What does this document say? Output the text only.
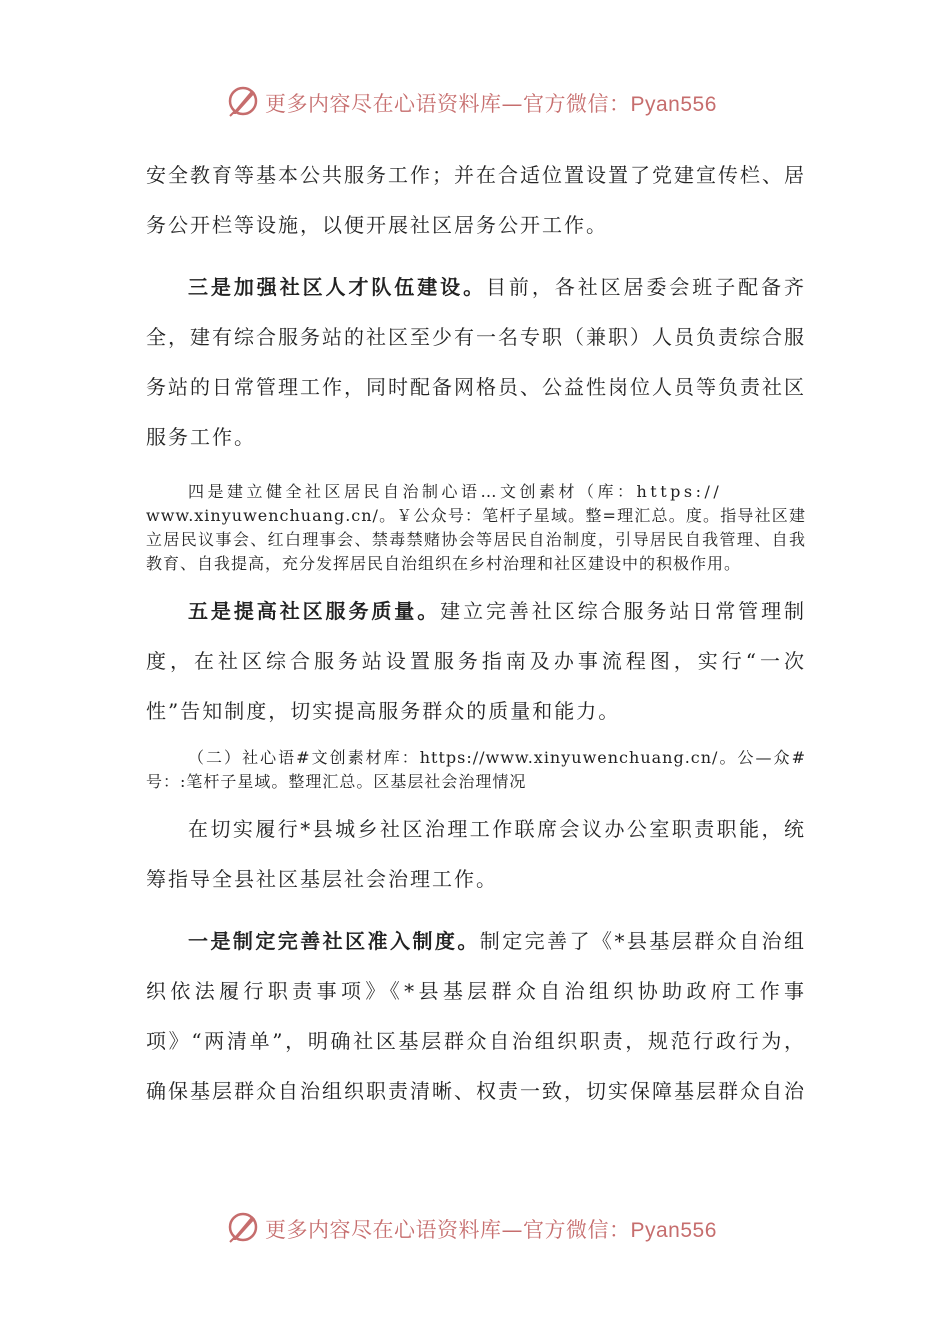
更多内容尽在心语资料库—官方微信：Pyan556

安全教育等基本公共服务工作；并在合适位置设置了党建宣传栏、居务公开栏等设施，以便开展社区居务公开工作。

三是加强社区人才队伍建设。目前，各社区居委会班子配备齐全，建有综合服务站的社区至少有一名专职（兼职）人员负责综合服务站的日常管理工作，同时配备网格员、公益性岗位人员等负责社区服务工作。

四是建立健全社区居民自治制心语…文创素材（库：https://

www.xinyuwenchuang.cn/。￥公众号：笔杆子星域。整=理汇总。度。指导社区建立居民议事会、红白理事会、禁毒禁赌协会等居民自治制度，引导居民自我管理、自我教育、自我提高，充分发挥居民自治组织在乡村治理和社区建设中的积极作用。

五是提高社区服务质量。建立完善社区综合服务站日常管理制度，在社区综合服务站设置服务指南及办事流程图，实行“一次性”告知制度，切实提高服务群众的质量和能力。

（二）社心语#文创素材库：https://www.xinyuwenchuang.cn/。公—众#号：:笔杆子星域。整理汇总。区基层社会治理情况

在切实履行*县城乡社区治理工作联席会议办公室职责职能，统筹指导全县社区基层社会治理工作。

一是制定完善社区准入制度。制定完善了《*县基层群众自治组织依法履行职责事项》《*县基层群众自治组织协助政府工作事项》“两清单”，明确社区基层群众自治组织职责，规范行政行为，确保基层群众自治组织职责清晰、权责一致，切实保障基层群众自治

更多内容尽在心语资料库—官方微信：Pyan556
